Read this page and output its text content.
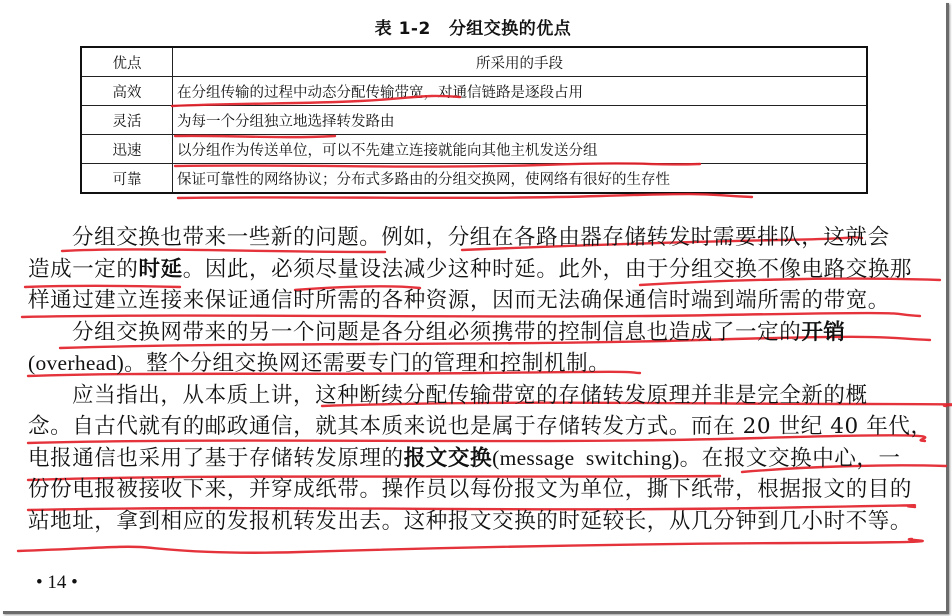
表 1-2 分组交换的优点
优点	所采用的手段
高效	在分组传输的过程中动态分配传输带宽，对通信链路是逐段占用
灵活	为每一个分组独立地选择转发路由
迅速	以分组作为传送单位，可以不先建立连接就能向其他主机发送分组
可靠	保证可靠性的网络协议；分布式多路由的分组交换网，使网络有很好的生存性
分组交换也带来一些新的问题。例如，分组在各路由器存储转发时需要排队，这就会
造成一定的时延。因此，必须尽量设法减少这种时延。此外，由于分组交换不像电路交换那
样通过建立连接来保证通信时所需的各种资源，因而无法确保通信时端到端所需的带宽。
分组交换网带来的另一个问题是各分组必须携带的控制信息也造成了一定的开销
(overhead)。整个分组交换网还需要专门的管理和控制机制。
应当指出，从本质上讲，这种断续分配传输带宽的存储转发原理并非是完全新的概
念。自古代就有的邮政通信，就其本质来说也是属于存储转发方式。而在 20 世纪 40 年代，
电报通信也采用了基于存储转发原理的报文交换(message  switching)。在报文交换中心，一
份份电报被接收下来，并穿成纸带。操作员以每份报文为单位，撕下纸带，根据报文的目的
站地址，拿到相应的发报机转发出去。这种报文交换的时延较长，从几分钟到几小时不等。
• 14 •
